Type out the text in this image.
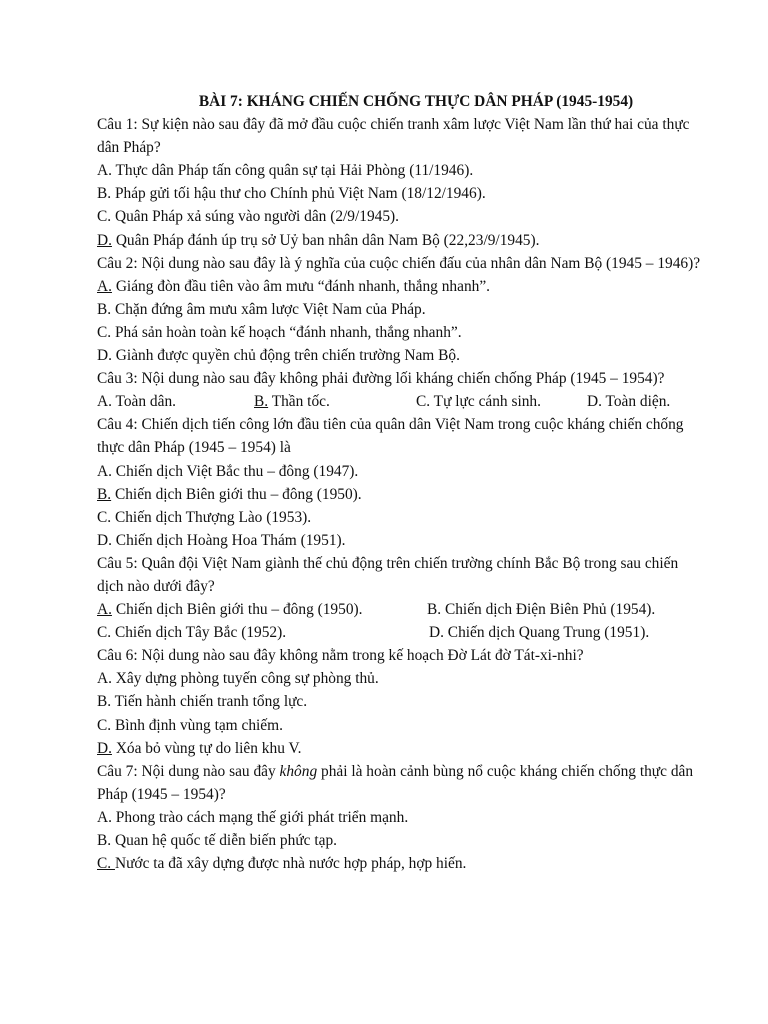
BÀI 7: KHÁNG CHIẾN CHỐNG THỰC DÂN PHÁP (1945-1954)
Câu 1: Sự kiện nào sau đây đã mở đầu cuộc chiến tranh xâm lược Việt Nam lần thứ hai của thực dân Pháp?
A. Thực dân Pháp tấn công quân sự tại Hải Phòng (11/1946).
B. Pháp gửi tối hậu thư cho Chính phủ Việt Nam (18/12/1946).
C. Quân Pháp xả súng vào người dân (2/9/1945).
D. Quân Pháp đánh úp trụ sở Uỷ ban nhân dân Nam Bộ (22,23/9/1945).
Câu 2: Nội dung nào sau đây là ý nghĩa của cuộc chiến đấu của nhân dân Nam Bộ (1945 – 1946)?
A. Giáng đòn đầu tiên vào âm mưu “đánh nhanh, thắng nhanh”.
B. Chặn đứng âm mưu xâm lược Việt Nam của Pháp.
C. Phá sản hoàn toàn kế hoạch “đánh nhanh, thắng nhanh”.
D. Giành được quyền chủ động trên chiến trường Nam Bộ.
Câu 3: Nội dung nào sau đây không phải đường lối kháng chiến chống Pháp (1945 – 1954)?
A. Toàn dân.	B. Thần tốc.	C. Tự lực cánh sinh.	D. Toàn diện.
Câu 4: Chiến dịch tiến công lớn đầu tiên của quân dân Việt Nam trong cuộc kháng chiến chống thực dân Pháp (1945 – 1954) là
A. Chiến dịch Việt Bắc thu – đông (1947).
B. Chiến dịch Biên giới thu – đông (1950).
C. Chiến dịch Thượng Lào (1953).
D. Chiến dịch Hoàng Hoa Thám (1951).
Câu 5: Quân đội Việt Nam giành thế chủ động trên chiến trường chính Bắc Bộ trong sau chiến dịch nào dưới đây?
A. Chiến dịch Biên giới thu – đông (1950).	B. Chiến dịch Điện Biên Phủ (1954).
C. Chiến dịch Tây Bắc (1952).	D. Chiến dịch Quang Trung (1951).
Câu 6: Nội dung nào sau đây không nằm trong kế hoạch Đờ Lát đờ Tát-xi-nhi?
A. Xây dựng phòng tuyến công sự phòng thủ.
B. Tiến hành chiến tranh tổng lực.
C. Bình định vùng tạm chiếm.
D. Xóa bỏ vùng tự do liên khu V.
Câu 7: Nội dung nào sau đây không phải là hoàn cảnh bùng nổ cuộc kháng chiến chống thực dân Pháp (1945 – 1954)?
A. Phong trào cách mạng thế giới phát triển mạnh.
B. Quan hệ quốc tế diễn biến phức tạp.
C. Nước ta đã xây dựng được nhà nước hợp pháp, hợp hiến.
